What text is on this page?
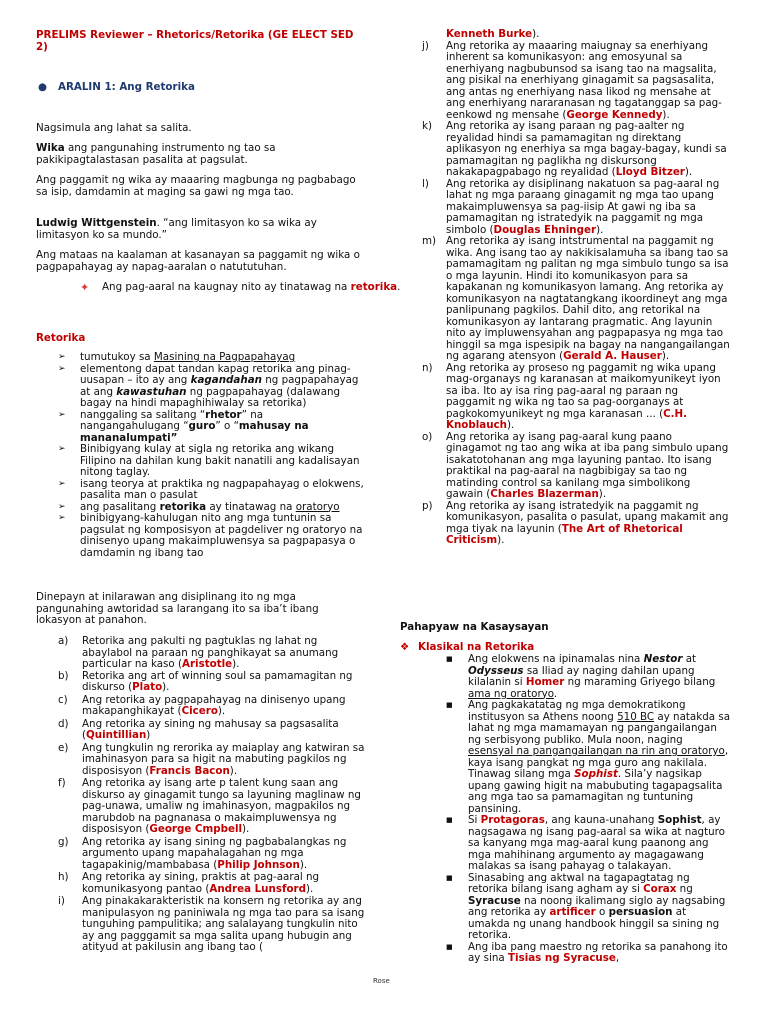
PRELIMS Reviewer – Rhetorics/Retorika (GE ELECT SED 2)
● ARALIN 1: Ang Retorika

Nagsimula ang lahat sa salita.

Wika ang pangunahing instrumento ng tao sa pakikipagtalastasan pasalita at pagsulat.

Ang paggamit ng wika ay maaaring magbunga ng pagbabago sa isip, damdamin at maging sa gawi ng mga tao.

Ludwig Wittgenstein. “ang limitasyon ko sa wika ay limitasyon ko sa mundo.”

Ang mataas na kaalaman at kasanayan sa paggamit ng wika o pagpapahayag ay napag-aaralan o natututuhan.

✦ Ang pag-aaral na kaugnay nito ay tinatawag na retorika.
Retorika
➢ tumutukoy sa Masining na Pagpapahayag
➢ elementong dapat tandan kapag retorika ang pinag-uusapan – ito ay ang kagandahan ng pagpapahayag at ang kawastuhan ng pagpapahayag (dalawang bagay na hindi mapaghihiwalay sa retorika)
➢ nanggaling sa salitang “rhetor” na nangangahulugang “guro” o “mahusay na mananalumpati”
➢ Binibigyang kulay at sigla ng retorika ang wikang Filipino na dahilan kung bakit nanatili ang kadalisayan nitong taglay.
➢ isang teorya at praktika ng nagpapahayag o elokwens, pasalita man o pasulat
➢ ang pasalitang retorika ay tinatawag na oratoryo
➢ binibigyang-kahulugan nito ang mga tuntunin sa pagsulat ng komposisyon at pagdeliver ng oratoryo na dinisenyo upang makaimpluwensya sa pagpapasya o damdamin ng ibang tao

Dinepayn at inilarawan ang disiplinang ito ng mga pangunahing awtoridad sa larangang ito sa iba’t ibang lokasyon at panahon.

a) Retorika ang pakulti ng pagtuklas ng lahat ng abaylabol na paraan ng panghikayat sa anumang particular na kaso (Aristotle).
b) Retorika ang art of winning soul sa pamamagitan ng diskurso (Plato).
c) Ang retorika ay pagpapahayag na dinisenyo upang makapanghikayat (Cicero).
d) Ang retorika ay sining ng mahusay sa pagsasalita (Quintillian)
e) Ang tungkulin ng rerorika ay maiaplay ang katwiran sa imahinasyon para sa higit na mabuting pagkilos ng disposisyon (Francis Bacon).
f) Ang retorika ay isang arte p talent kung saan ang diskurso ay ginagamit tungo sa layuning maglinaw ng pag-unawa, umaliw ng imahinasyon, magpakilos ng marubdob na pagnanasa o makaimpluwensya ng disposisyon (George Cmpbell).
g) Ang retorika ay isang sining ng pagbabalangkas ng argumento upang mapahalagahan ng mga tagapakinig/mambabasa (Philip Johnson).
h) Ang retorika ay sining, praktis at pag-aaral ng komunikasyong pantao (Andrea Lunsford).
i) Ang pinakakarakteristik na konsern ng retorika ay ang manipulasyon ng paniniwala ng mga tao para sa isang tunguhing pampulitika; ang salalayang tungkulin nito ay ang pagggamit sa mga salita upang hubugin ang atityud at pakilusin ang ibang tao (
Kenneth Burke).
j) Ang retorika ay maaaring maiugnay sa enerhiyang inherent sa komunikasyon: ang emosyunal sa enerhiyang nagbubunsod sa isang tao na magsalita, ang pisikal na enerhiyang ginagamit sa pagsasalita, ang antas ng enerhiyang nasa likod ng mensahe at ang enerhiyang nararanasan ng tagatanggap sa pag-eenkowd ng mensahe (George Kennedy).
k) Ang retorika ay isang paraan ng pag-aalter ng reyalidad hindi sa pamamagitan ng direktang aplikasyon ng enerhiya sa mga bagay-bagay, kundi sa pamamagitan ng paglikha ng diskursong nakakapagpabago ng reyalidad (Lloyd Bitzer).
l) Ang retorika ay disiplinang nakatuon sa pag-aaral ng lahat ng mga paraang ginagamit ng mga tao upang makaimpluwensya sa pag-iisip At gawi ng iba sa pamamagitan ng istratedyik na paggamit ng mga simbolo (Douglas Ehninger).
m) Ang retorika ay isang intstrumental na paggamit ng wika. Ang isang tao ay nakikisalamuha sa ibang tao sa pamamagitam ng palitan ng mga simbulo tungo sa isa o mga layunin. Hindi ito komunikasyon para sa kapakanan ng komunikasyon lamang. Ang retorika ay komunikasyon na nagtatangkang ikoordineyt ang mga panlipunang pagkilos. Dahil dito, ang retorikal na komunikasyon ay lantarang pragmatic. Ang layunin nito ay impluwensyahan ang pagpapasya ng mga tao hinggil sa mga ispesipik na bagay na nangangailangan ng agarang atensyon (Gerald A. Hauser).
n) Ang retorika ay proseso ng paggamit ng wika upang mag-organays ng karanasan at maikomyunikeyt iyon sa iba. Ito ay isa ring pag-aaral ng paraan ng paggamit ng wika ng tao sa pag-oorganays at pagkokomyunikeyt ng mga karanasan ... (C.H. Knoblauch).
o) Ang retorika ay isang pag-aaral kung paano ginagamot ng tao ang wika at iba pang simbulo upang isakatotohanan ang mga layuning pantao. Ito isang praktikal na pag-aaral na nagbibigay sa tao ng matinding control sa kanilang mga simbolikong gawain (Charles Blazerman).
p) Ang retorika ay isang istratedyik na paggamit ng komunikasyon, pasalita o pasulat, upang makamit ang mga tiyak na layunin (The Art of Rhetorical Criticism).
Pahapyaw na Kasaysayan
❖ Klasikal na Retorika
■ Ang elokwens na ipinamalas nina Nestor at Odysseus sa Iliad ay naging dahilan upang kilalanin si Homer ng maraming Griyego bilang ama ng oratoryo.
■ Ang pagkakatatag ng mga demokratikong institusyon sa Athens noong 510 BC ay natakda sa lahat ng mga mamamayan ng pangangailangan ng serbisyong publiko. Mula noon, naging esensyal na pangangailangan na rin ang oratoryo, kaya isang pangkat ng mga guro ang nakilala. Tinawag silang mga Sophist. Sila’y nagsikap upang gawing higit na mabubuting tagapagsalita ang mga tao sa pamamagitan ng tuntuning pansining.
■ Si Protagoras, ang kauna-unahang Sophist, ay nagsagawa ng isang pag-aaral sa wika at nagturo sa kanyang mga mag-aaral kung paanong ang mga mahihinang argumento ay magagawang malakas sa isang pahayag o talakayan.
■ Sinasabing ang aktwal na tagapagtatag ng retorika bilang isang agham ay si Corax ng Syracuse na noong ikalimang siglo ay nagsabing ang retorika ay artificer o persuasion at umakda ng unang handbook hinggil sa sining ng retorika.
■ Ang iba pang maestro ng retorika sa panahong ito ay sina Tisias ng Syracuse,
Rose
